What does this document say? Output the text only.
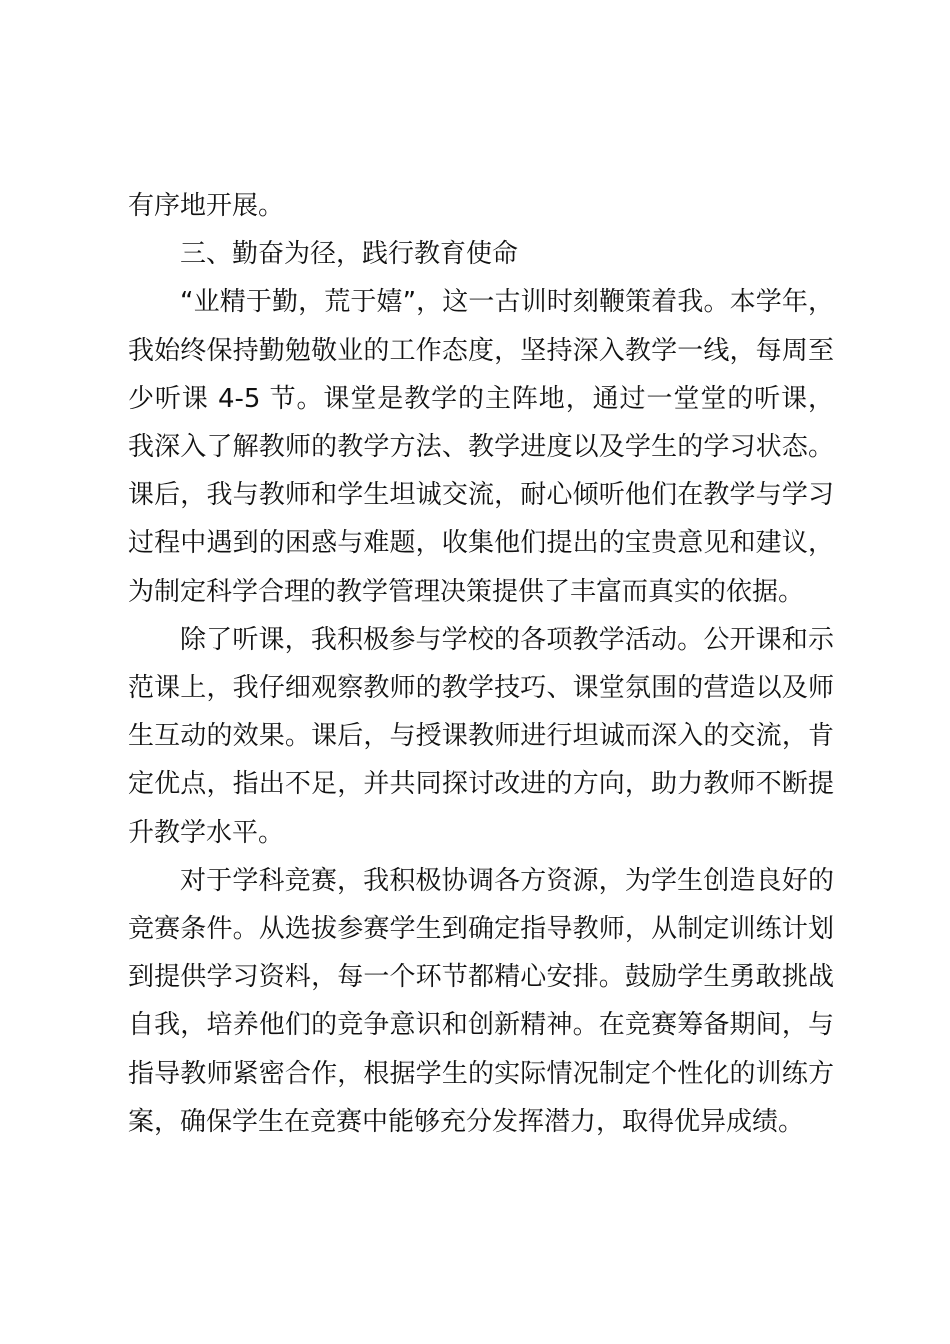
有序地开展。

三、勤奋为径，践行教育使命

“业精于勤，荒于嬉”，这一古训时刻鞭策着我。本学年，我始终保持勤勉敬业的工作态度，坚持深入教学一线，每周至少听课 4-5 节。课堂是教学的主阵地，通过一堂堂的听课，我深入了解教师的教学方法、教学进度以及学生的学习状态。课后，我与教师和学生坦诚交流，耐心倾听他们在教学与学习过程中遇到的困惑与难题，收集他们提出的宝贵意见和建议，为制定科学合理的教学管理决策提供了丰富而真实的依据。

除了听课，我积极参与学校的各项教学活动。公开课和示范课上，我仔细观察教师的教学技巧、课堂氛围的营造以及师生互动的效果。课后，与授课教师进行坦诚而深入的交流，肯定优点，指出不足，并共同探讨改进的方向，助力教师不断提升教学水平。

对于学科竞赛，我积极协调各方资源，为学生创造良好的竞赛条件。从选拔参赛学生到确定指导教师，从制定训练计划到提供学习资料，每一个环节都精心安排。鼓励学生勇敢挑战自我，培养他们的竞争意识和创新精神。在竞赛筹备期间，与指导教师紧密合作，根据学生的实际情况制定个性化的训练方案，确保学生在竞赛中能够充分发挥潜力，取得优异成绩。
